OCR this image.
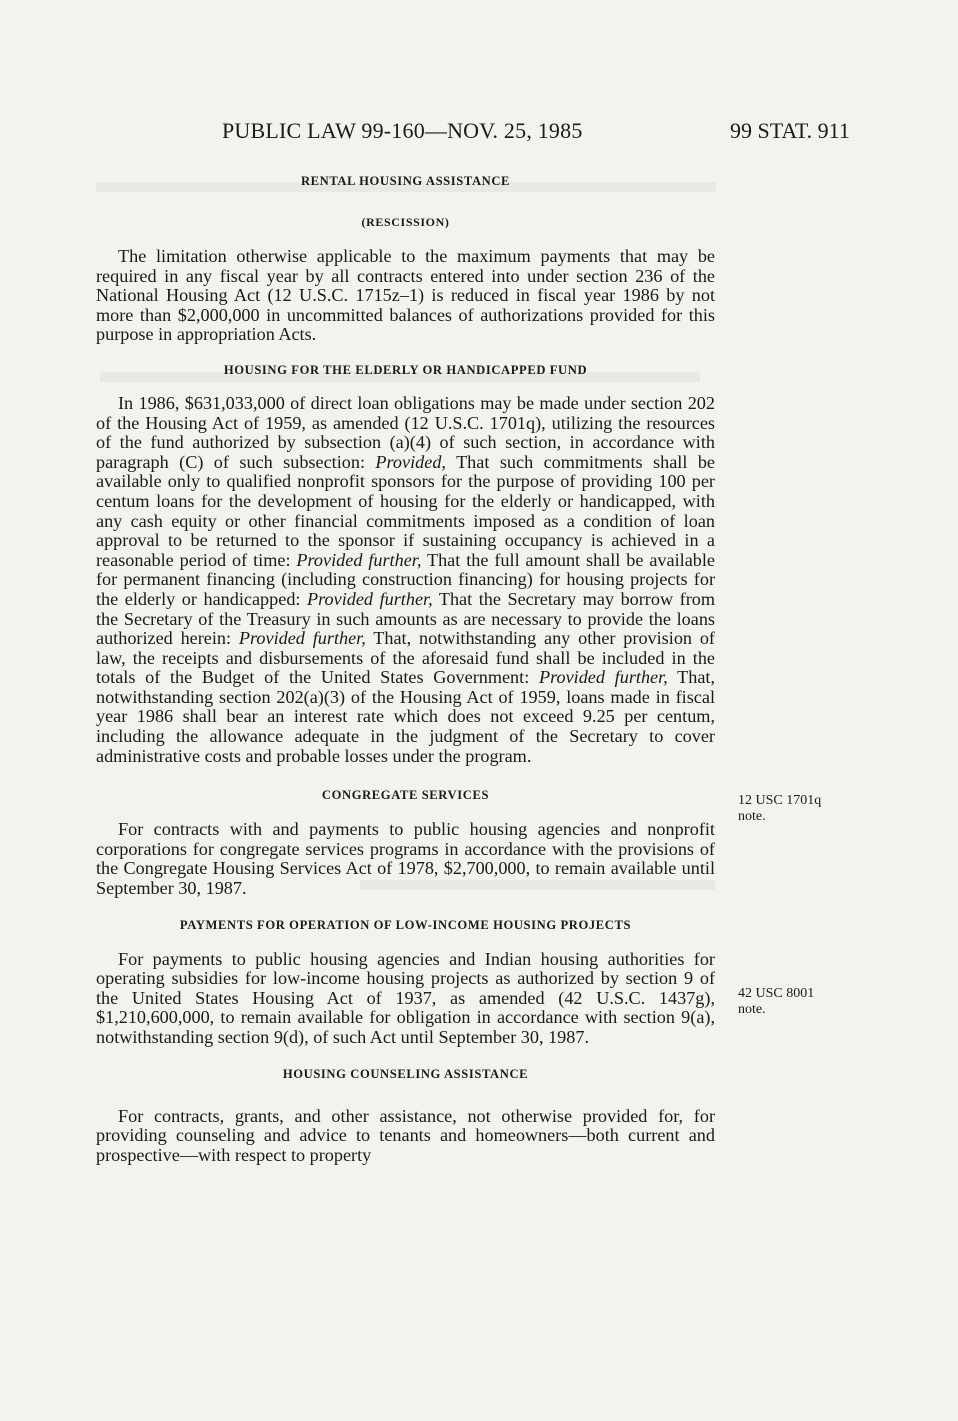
PUBLIC LAW 99-160—NOV. 25, 1985	99 STAT. 911

RENTAL HOUSING ASSISTANCE

(RESCISSION)

The limitation otherwise applicable to the maximum payments that may be required in any fiscal year by all contracts entered into under section 236 of the National Housing Act (12 U.S.C. 1715z–1) is reduced in fiscal year 1986 by not more than $2,000,000 in uncommitted balances of authorizations provided for this purpose in appropriation Acts.

HOUSING FOR THE ELDERLY OR HANDICAPPED FUND

In 1986, $631,033,000 of direct loan obligations may be made under section 202 of the Housing Act of 1959, as amended (12 U.S.C. 1701q), utilizing the resources of the fund authorized by subsection (a)(4) of such section, in accordance with paragraph (C) of such subsection: Provided, That such commitments shall be available only to qualified nonprofit sponsors for the purpose of providing 100 per centum loans for the development of housing for the elderly or handicapped, with any cash equity or other financial commitments imposed as a condition of loan approval to be returned to the sponsor if sustaining occupancy is achieved in a reasonable period of time: Provided further, That the full amount shall be available for permanent financing (including construction financing) for housing projects for the elderly or handicapped: Provided further, That the Secretary may borrow from the Secretary of the Treasury in such amounts as are necessary to provide the loans authorized herein: Provided further, That, notwithstanding any other provision of law, the receipts and disbursements of the aforesaid fund shall be included in the totals of the Budget of the United States Government: Provided further, That, notwithstanding section 202(a)(3) of the Housing Act of 1959, loans made in fiscal year 1986 shall bear an interest rate which does not exceed 9.25 per centum, including the allowance adequate in the judgment of the Secretary to cover administrative costs and probable losses under the program.

CONGREGATE SERVICES

For contracts with and payments to public housing agencies and nonprofit corporations for congregate services programs in accordance with the provisions of the Congregate Housing Services Act of 1978, $2,700,000, to remain available until September 30, 1987.

PAYMENTS FOR OPERATION OF LOW-INCOME HOUSING PROJECTS

For payments to public housing agencies and Indian housing authorities for operating subsidies for low-income housing projects as authorized by section 9 of the United States Housing Act of 1937, as amended (42 U.S.C. 1437g), $1,210,600,000, to remain available for obligation in accordance with section 9(a), notwithstanding section 9(d), of such Act until September 30, 1987.

HOUSING COUNSELING ASSISTANCE

For contracts, grants, and other assistance, not otherwise provided for, for providing counseling and advice to tenants and homeowners—both current and prospective—with respect to property

12 USC 1701q
note.
42 USC 8001
note.
